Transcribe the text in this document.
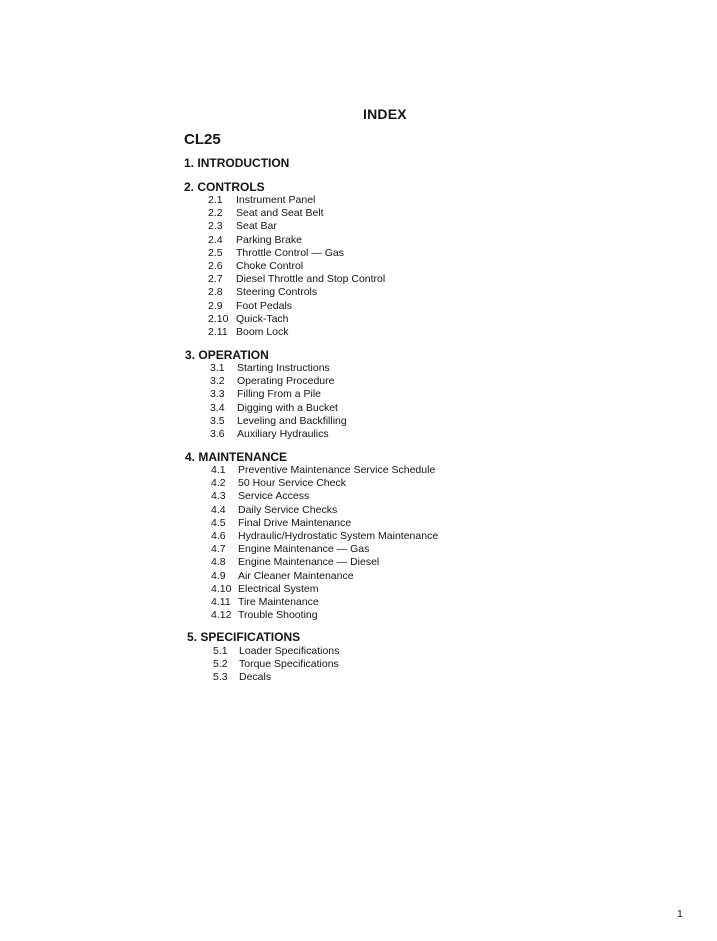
INDEX
CL25
1. INTRODUCTION
2. CONTROLS
2.1 Instrument Panel
2.2 Seat and Seat Belt
2.3 Seat Bar
2.4 Parking Brake
2.5 Throttle Control — Gas
2.6 Choke Control
2.7 Diesel Throttle and Stop Control
2.8 Steering Controls
2.9 Foot Pedals
2.10 Quick-Tach
2.11 Boom Lock
3. OPERATION
3.1 Starting Instructions
3.2 Operating Procedure
3.3 Filling From a Pile
3.4 Digging with a Bucket
3.5 Leveling and Backfilling
3.6 Auxiliary Hydraulics
4. MAINTENANCE
4.1 Preventive Maintenance Service Schedule
4.2 50 Hour Service Check
4.3 Service Access
4.4 Daily Service Checks
4.5 Final Drive Maintenance
4.6 Hydraulic/Hydrostatic System Maintenance
4.7 Engine Maintenance — Gas
4.8 Engine Maintenance — Diesel
4.9 Air Cleaner Maintenance
4.10 Electrical System
4.11 Tire Maintenance
4.12 Trouble Shooting
5. SPECIFICATIONS
5.1 Loader Specifications
5.2 Torque Specifications
5.3 Decals
1
